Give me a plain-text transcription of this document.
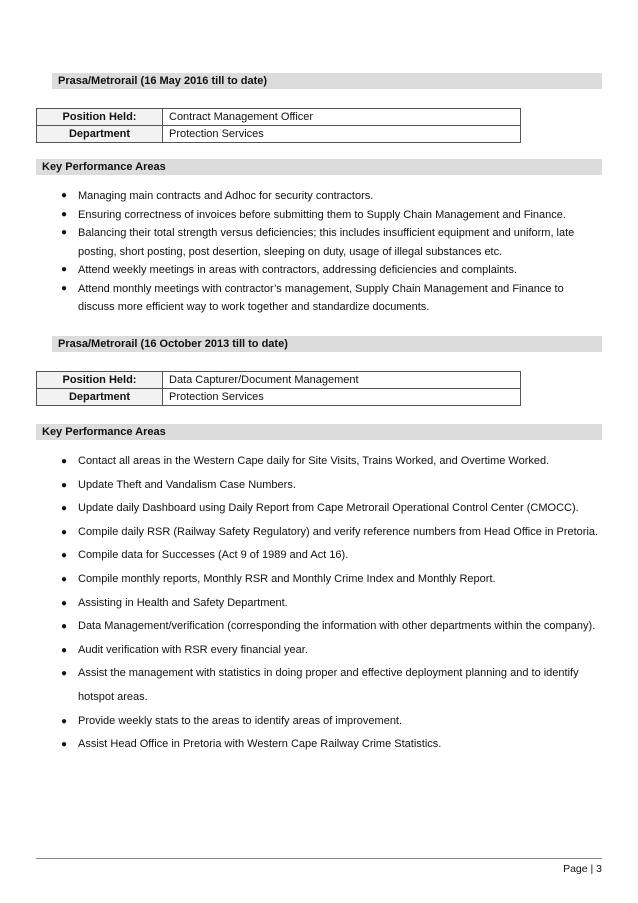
Prasa/Metrorail (16 May 2016 till to date)
Position Held:	Contract Management Officer
Department	Protection Services
Key Performance Areas
● Managing main contracts and Adhoc for security contractors.
● Ensuring correctness of invoices before submitting them to Supply Chain Management and Finance.
● Balancing their total strength versus deficiencies; this includes insufficient equipment and uniform, late posting, short posting, post desertion, sleeping on duty, usage of illegal substances etc.
● Attend weekly meetings in areas with contractors, addressing deficiencies and complaints.
● Attend monthly meetings with contractor’s management, Supply Chain Management and Finance to discuss more efficient way to work together and standardize documents.
Prasa/Metrorail (16 October 2013 till to date)
Position Held:	Data Capturer/Document Management
Department	Protection Services
Key Performance Areas
● Contact all areas in the Western Cape daily for Site Visits, Trains Worked, and Overtime Worked.
● Update Theft and Vandalism Case Numbers.
● Update daily Dashboard using Daily Report from Cape Metrorail Operational Control Center (CMOCC).
● Compile daily RSR (Railway Safety Regulatory) and verify reference numbers from Head Office in Pretoria.
● Compile data for Successes (Act 9 of 1989 and Act 16).
● Compile monthly reports, Monthly RSR and Monthly Crime Index and Monthly Report.
● Assisting in Health and Safety Department.
● Data Management/verification (corresponding the information with other departments within the company).
● Audit verification with RSR every financial year.
● Assist the management with statistics in doing proper and effective deployment planning and to identify hotspot areas.
● Provide weekly stats to the areas to identify areas of improvement.
● Assist Head Office in Pretoria with Western Cape Railway Crime Statistics.
Page | 3
